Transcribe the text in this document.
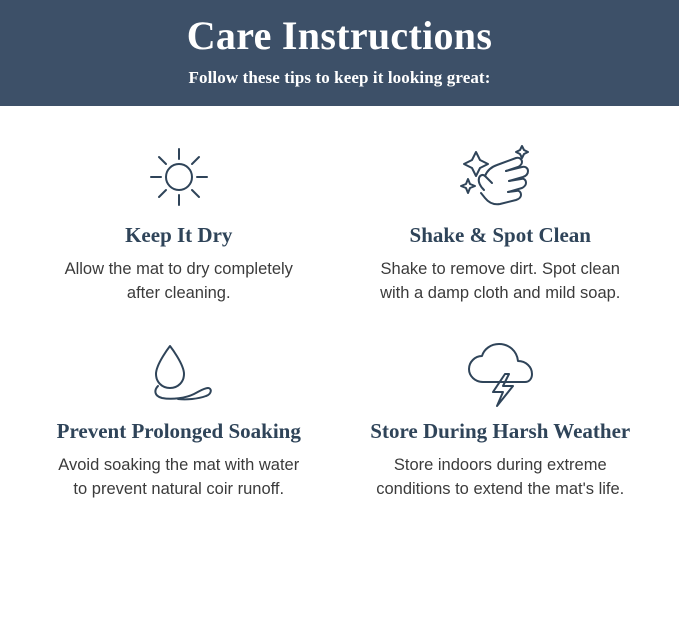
Care Instructions
Follow these tips to keep it looking great:
Keep It Dry
Allow the mat to dry completely after cleaning.
Shake & Spot Clean
Shake to remove dirt. Spot clean with a damp cloth and mild soap.
Prevent Prolonged Soaking
Avoid soaking the mat with water to prevent natural coir runoff.
Store During Harsh Weather
Store indoors during extreme conditions to extend the mat's life.
